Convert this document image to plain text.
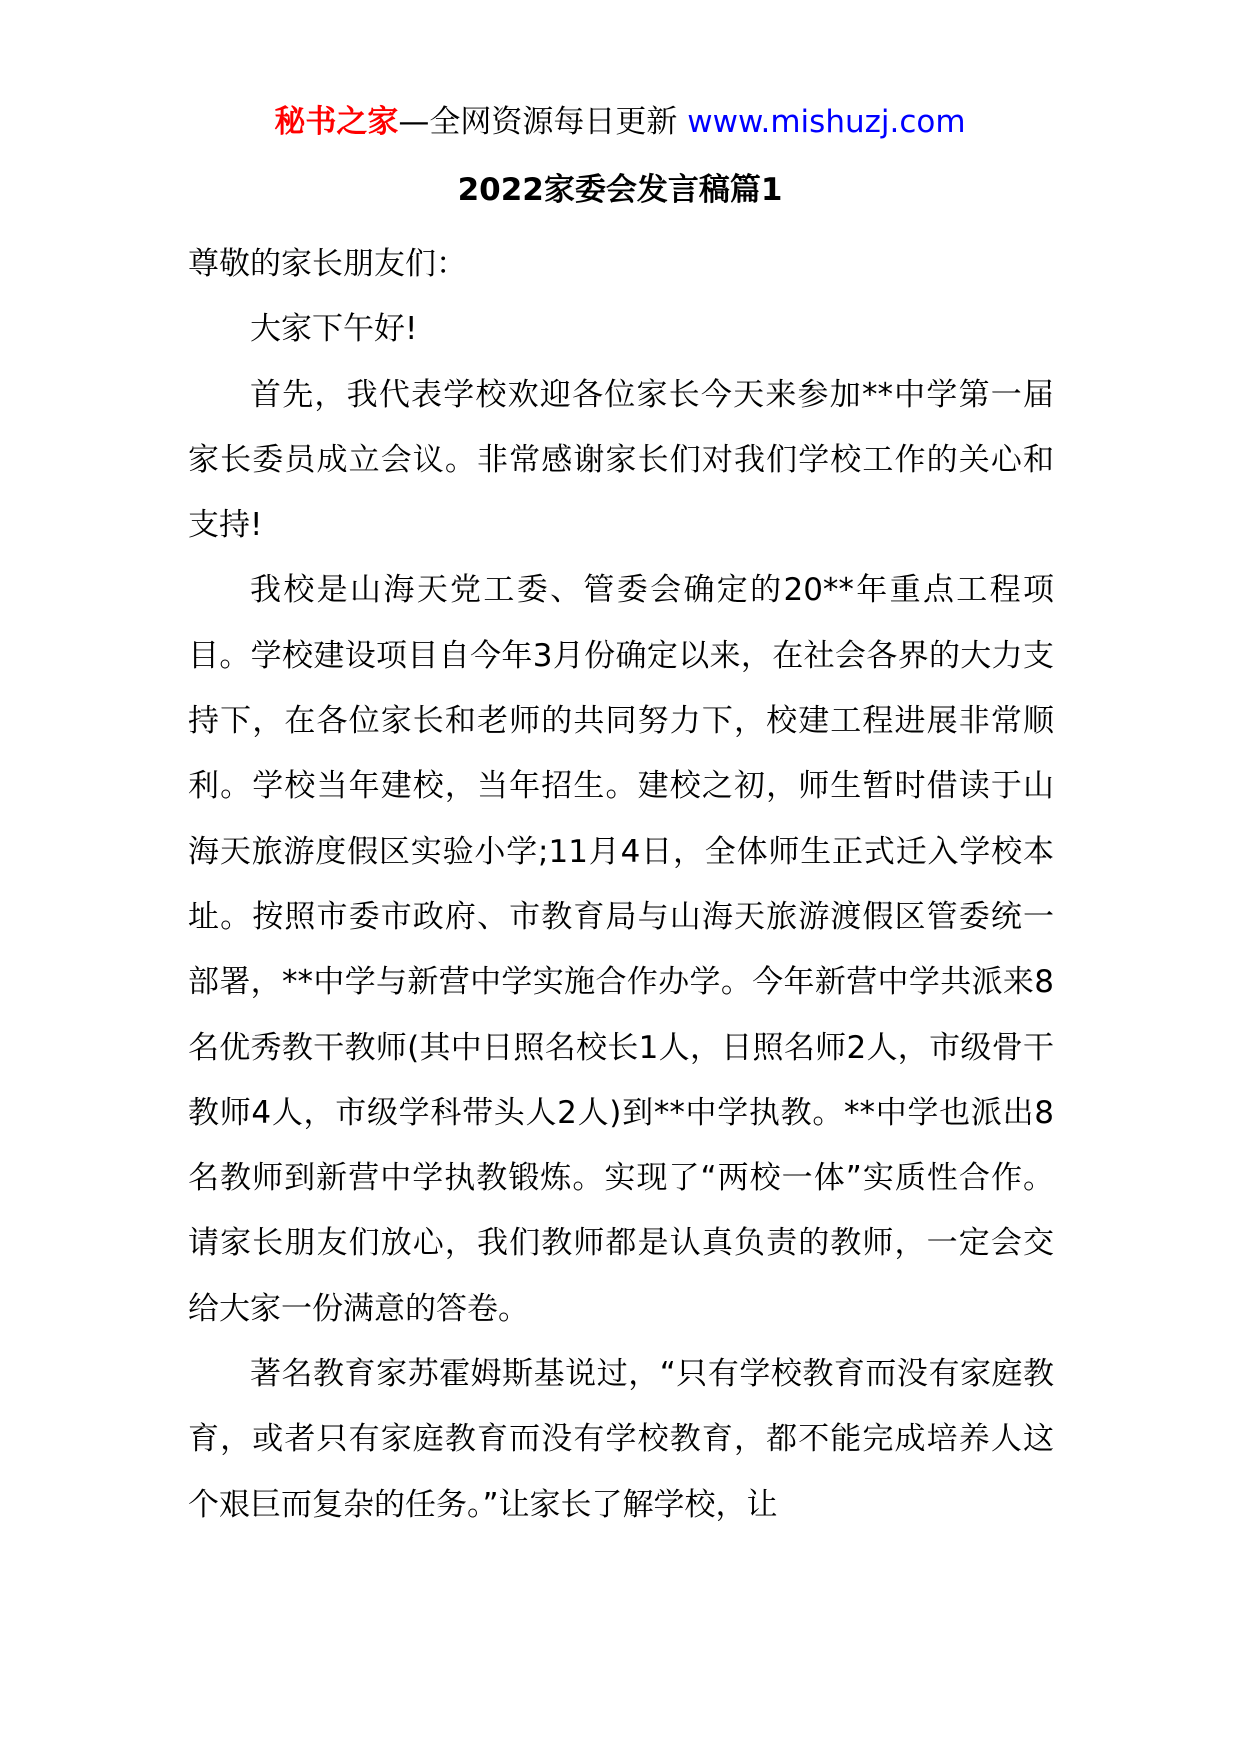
秘书之家—全网资源每日更新 www.mishuzj.com
2022家委会发言稿篇1

尊敬的家长朋友们：

大家下午好!

首先，我代表学校欢迎各位家长今天来参加**中学第一届家长委员成立会议。非常感谢家长们对我们学校工作的关心和支持!

我校是山海天党工委、管委会确定的20**年重点工程项目。学校建设项目自今年3月份确定以来，在社会各界的大力支持下，在各位家长和老师的共同努力下，校建工程进展非常顺利。学校当年建校，当年招生。建校之初，师生暂时借读于山海天旅游度假区实验小学;11月4日，全体师生正式迁入学校本址。按照市委市政府、市教育局与山海天旅游渡假区管委统一部署，**中学与新营中学实施合作办学。今年新营中学共派来8名优秀教干教师(其中日照名校长1人，日照名师2人，市级骨干教师4人，市级学科带头人2人)到**中学执教。**中学也派出8名教师到新营中学执教锻炼。实现了“两校一体”实质性合作。请家长朋友们放心，我们教师都是认真负责的教师，一定会交给大家一份满意的答卷。

著名教育家苏霍姆斯基说过，“只有学校教育而没有家庭教育，或者只有家庭教育而没有学校教育，都不能完成培养人这个艰巨而复杂的任务。”让家长了解学校，让
